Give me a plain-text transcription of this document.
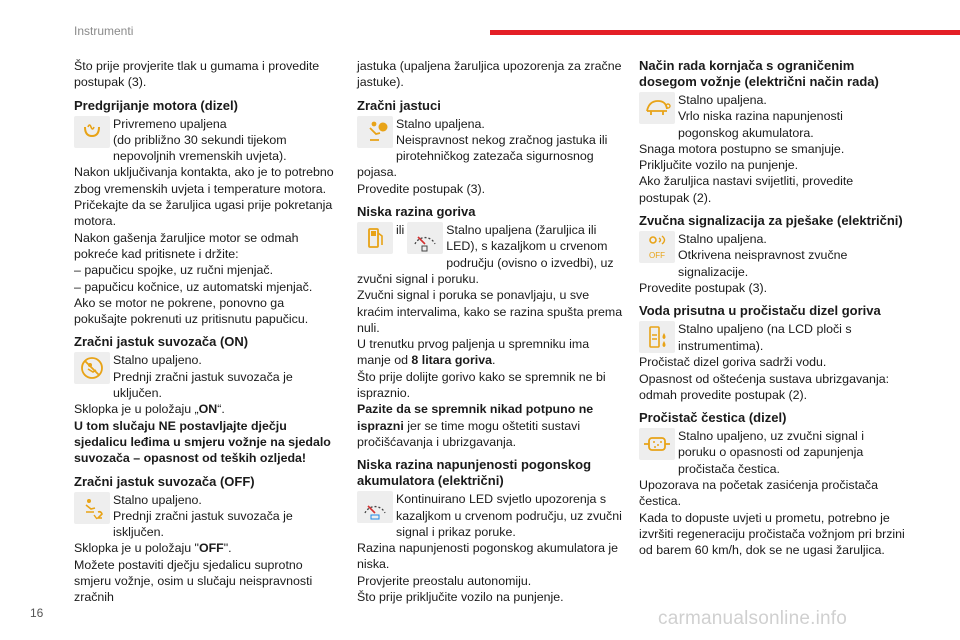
Instrumenti

Što prije provjerite tlak u gumama i provedite postupak (3).

Predgrijanje motora (dizel)
Privremeno upaljena
(do približno 30 sekundi tijekom nepovoljnih vremenskih uvjeta).

Nakon uključivanja kontakta, ako je to potrebno zbog vremenskih uvjeta i temperature motora.

Pričekajte da se žaruljica ugasi prije pokretanja motora.

Nakon gašenja žaruljice motor se odmah pokreće kad pritisnete i držite:

– papučicu spojke, uz ručni mjenjač.

– papučicu kočnice, uz automatski mjenjač.

Ako se motor ne pokrene, ponovno ga pokušajte pokrenuti uz pritisnutu papučicu.

Zračni jastuk suvozača (ON)
Stalno upaljeno.
Prednji zračni jastuk suvozača je uključen.

Sklopka je u položaju „ON“.

U tom slučaju NE postavljajte dječju sjedalicu leđima u smjeru vožnje na sjedalo suvozača – opasnost od teških ozljeda!

Zračni jastuk suvozača (OFF)
Stalno upaljeno.
Prednji zračni jastuk suvozača je isključen.

Sklopka je u položaju "OFF".

Možete postaviti dječju sjedalicu suprotno smjeru vožnje, osim u slučaju neispravnosti zračnih

jastuka (upaljena žaruljica upozorenja za zračne jastuke).

Zračni jastuci
Stalno upaljena.
Neispravnost nekog zračnog jastuka ili pirotehničkog zatezača sigurnosnog pojasa.

Provedite postupak (3).

Niska razina goriva
ili	Stalno upaljena (žaruljica ili LED), s kazaljkom u crvenom području (ovisno o izvedbi), uz zvučni signal i poruku.

Zvučni signal i poruka se ponavljaju, u sve kraćim intervalima, kako se razina spušta prema nuli.

U trenutku prvog paljenja u spremniku ima manje od 8 litara goriva.

Što prije dolijte gorivo kako se spremnik ne bi ispraznio.

Pazite da se spremnik nikad potpuno ne isprazni jer se time mogu oštetiti sustavi pročišćavanja i ubrizgavanja.

Niska razina napunjenosti pogonskog akumulatora (električni)
Kontinuirano LED svjetlo upozorenja s kazaljkom u crvenom području, uz zvučni signal i prikaz poruke.

Razina napunjenosti pogonskog akumulatora je niska.

Provjerite preostalu autonomiju.

Što prije priključite vozilo na punjenje.

Način rada kornjača s ograničenim dosegom vožnje (električni način rada)
Stalno upaljena.
Vrlo niska razina napunjenosti pogonskog akumulatora.

Snaga motora postupno se smanjuje.

Priključite vozilo na punjenje.

Ako žaruljica nastavi svijetliti, provedite postupak (2).

Zvučna signalizacija za pješake (električni)
OFF
Stalno upaljena.
Otkrivena neispravnost zvučne signalizacije.

Provedite postupak (3).

Voda prisutna u pročistaču dizel goriva
Stalno upaljeno (na LCD ploči s instrumentima).

Pročistač dizel goriva sadrži vodu.

Opasnost od oštećenja sustava ubrizgavanja: odmah provedite postupak (2).

Pročistač čestica (dizel)
Stalno upaljeno, uz zvučni signal i poruku o opasnosti od zapunjenja pročistača čestica.

Upozorava na početak zasićenja pročistača čestica.

Kada to dopuste uvjeti u prometu, potrebno je izvršiti regeneraciju pročistača vožnjom pri brzini od barem 60 km/h, dok se ne ugasi žaruljica.

16	carmanualsonline.info
